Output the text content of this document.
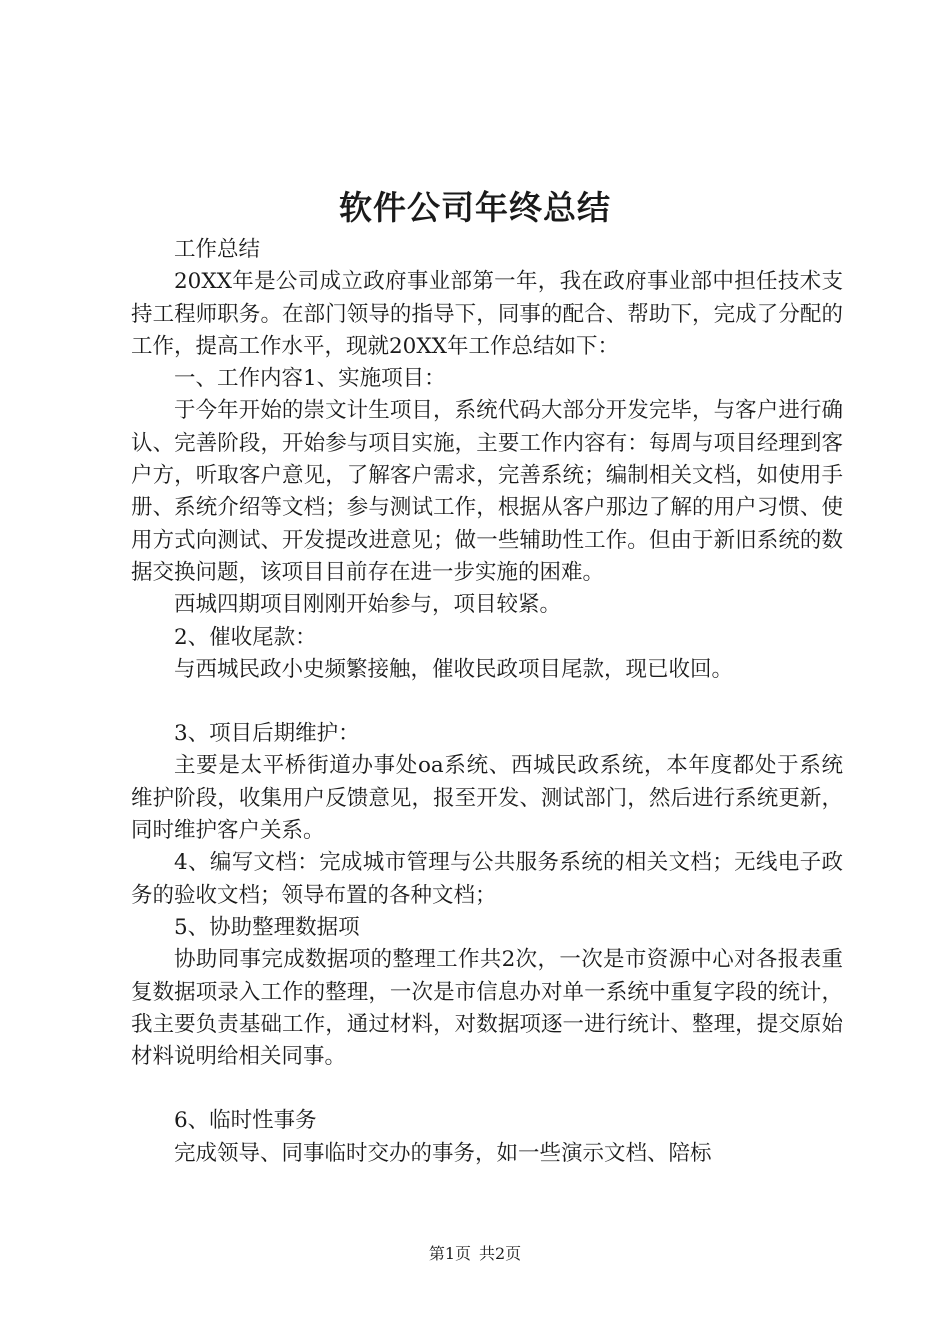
软件公司年终总结

工作总结

20XX年是公司成立政府事业部第一年，我在政府事业部中担任技术支持工程师职务。在部门领导的指导下，同事的配合、帮助下，完成了分配的工作，提高工作水平，现就20XX年工作总结如下：

一、工作内容1、实施项目：

于今年开始的崇文计生项目，系统代码大部分开发完毕，与客户进行确认、完善阶段，开始参与项目实施，主要工作内容有：每周与项目经理到客户方，听取客户意见，了解客户需求，完善系统；编制相关文档，如使用手册、系统介绍等文档；参与测试工作，根据从客户那边了解的用户习惯、使用方式向测试、开发提改进意见；做一些辅助性工作。但由于新旧系统的数据交换问题，该项目目前存在进一步实施的困难。

西城四期项目刚刚开始参与，项目较紧。

2、催收尾款：

与西城民政小史频繁接触，催收民政项目尾款，现已收回。

3、项目后期维护：

主要是太平桥街道办事处oa系统、西城民政系统，本年度都处于系统维护阶段，收集用户反馈意见，报至开发、测试部门，然后进行系统更新，同时维护客户关系。

4、编写文档：完成城市管理与公共服务系统的相关文档；无线电子政务的验收文档；领导布置的各种文档；

5、协助整理数据项

协助同事完成数据项的整理工作共2次，一次是市资源中心对各报表重复数据项录入工作的整理，一次是市信息办对单一系统中重复字段的统计，我主要负责基础工作，通过材料，对数据项逐一进行统计、整理，提交原始材料说明给相关同事。

6、临时性事务

完成领导、同事临时交办的事务，如一些演示文档、陪标

第1页 共2页
